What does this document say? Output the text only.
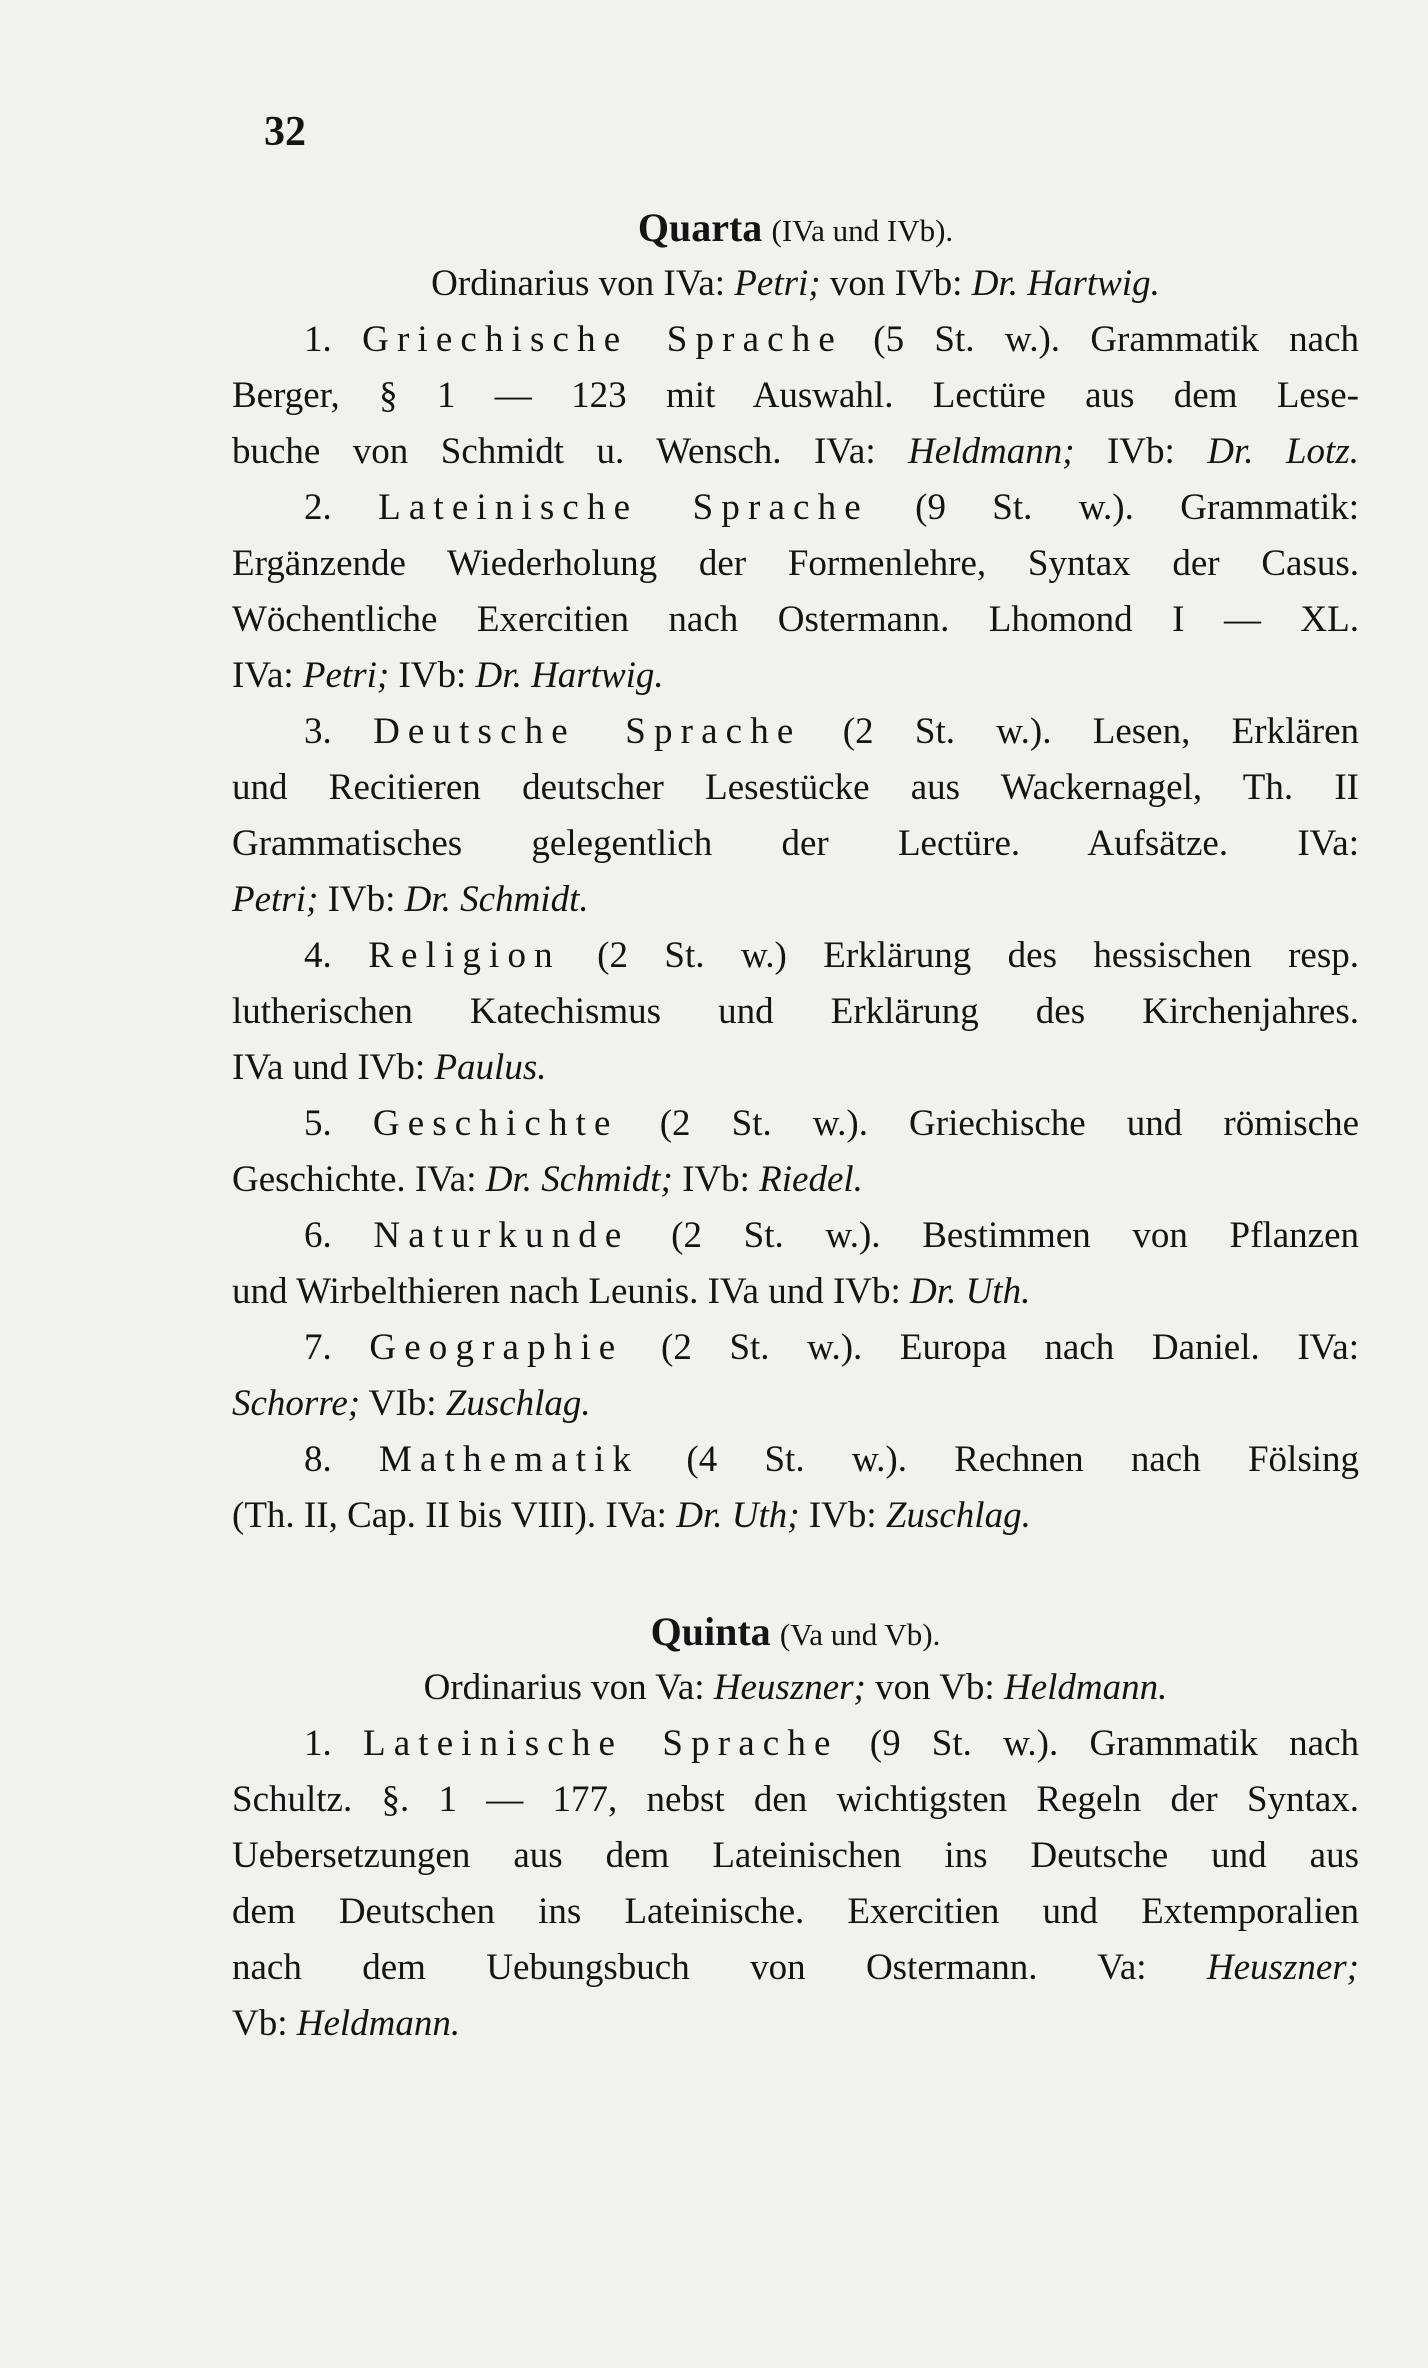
32
Quarta (IVa und IVb).
Ordinarius von IVa: Petri; von IVb: Dr. Hartwig.
1. Griechische Sprache (5 St. w.). Grammatik nach
Berger, § 1 — 123 mit Auswahl. Lectüre aus dem Lese-
buche von Schmidt u. Wensch. IVa: Heldmann; IVb: Dr. Lotz.
2. Lateinische Sprache (9 St. w.). Grammatik:
Ergänzende Wiederholung der Formenlehre, Syntax der Casus.
Wöchentliche Exercitien nach Ostermann. Lhomond I — XL.
IVa: Petri; IVb: Dr. Hartwig.
3. Deutsche Sprache (2 St. w.). Lesen, Erklären
und Recitieren deutscher Lesestücke aus Wackernagel, Th. II
Grammatisches gelegentlich der Lectüre. Aufsätze. IVa:
Petri; IVb: Dr. Schmidt.
4. Religion (2 St. w.) Erklärung des hessischen resp.
lutherischen Katechismus und Erklärung des Kirchenjahres.
IVa und IVb: Paulus.
5. Geschichte (2 St. w.). Griechische und römische
Geschichte. IVa: Dr. Schmidt; IVb: Riedel.
6. Naturkunde (2 St. w.). Bestimmen von Pflanzen
und Wirbelthieren nach Leunis. IVa und IVb: Dr. Uth.
7. Geographie (2 St. w.). Europa nach Daniel. IVa:
Schorre; VIb: Zuschlag.
8. Mathematik (4 St. w.). Rechnen nach Fölsing
(Th. II, Cap. II bis VIII). IVa: Dr. Uth; IVb: Zuschlag.
Quinta (Va und Vb).
Ordinarius von Va: Heuszner; von Vb: Heldmann.
1. Lateinische Sprache (9 St. w.). Grammatik nach
Schultz. §. 1 — 177, nebst den wichtigsten Regeln der Syntax.
Uebersetzungen aus dem Lateinischen ins Deutsche und aus
dem Deutschen ins Lateinische. Exercitien und Extemporalien
nach dem Uebungsbuch von Ostermann. Va: Heuszner;
Vb: Heldmann.
